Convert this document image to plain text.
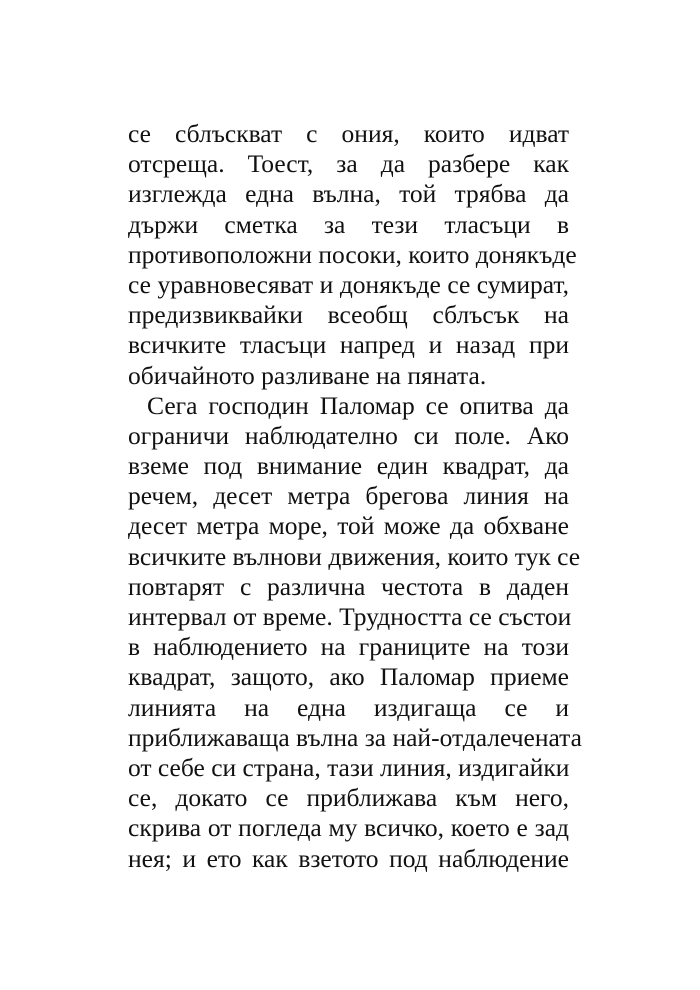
се сблъскват с ония, които идват
отсреща. Тоест, за да разбере как
изглежда една вълна, той трябва да
държи сметка за тези тласъци в
противоположни посоки, които донякъде
се уравновесяват и донякъде се сумират,
предизвиквайки всеобщ сблъсък на
всичките тласъци напред и назад при
обичайното разливане на пяната.
Сега господин Паломар се опитва да
ограничи наблюдателно си поле. Ако
вземе под внимание един квадрат, да
речем, десет метра бреговa линия на
десет метра море, той може да обхване
всичките вълнови движения, които тук се
повтарят с различна честота в даден
интервал от време. Трудността се състои
в наблюдението на границите на този
квадрат, защото, ако Паломар приеме
линията на една издигаща се и
приближаваща вълна за най-отдалечената
от себе си страна, тази линия, издигайки
се, докато се приближава към него,
скрива от погледа му всичко, което е зад
нея; и ето как взетото под наблюдение
